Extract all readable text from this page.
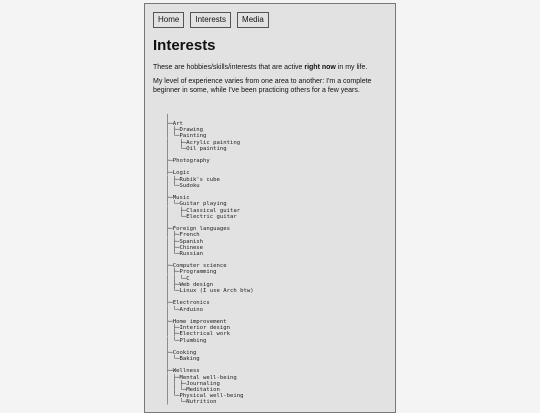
Home	Interests	Media
Interests

These are hobbies/skills/interests that are active right now in my life.

My level of experience varies from one area to another: I'm a complete beginner in some, while I've been practicing others for a few years.

│
├─Art
│ ├─Drawing
│ └─Painting
│   ├─Acrylic painting
│   └─Oil painting
│
├─Photography
│
├─Logic
│ ├─Rubik's cube
│ └─Sudoku
│
├─Music
│ └─Guitar playing
│   ├─Classical guitar
│   └─Electric guitar
│
├─Foreign languages
│ ├─French
│ ├─Spanish
│ ├─Chinese
│ └─Russian
│
├─Computer science
│ ├─Programming
│ │ └─C
│ ├─Web design
│ └─Linux (I use Arch btw)
│
├─Electronics
│ └─Arduino
│
├─Home improvement
│ ├─Interior design
│ ├─Electrical work
│ └─Plumbing
│
├─Cooking
│ └─Baking
│
├─Wellness
│ ├─Mental well-being
│ │ ├─Journaling
│ │ └─Meditation
│ └─Physical well-being
│   └─Nutrition
